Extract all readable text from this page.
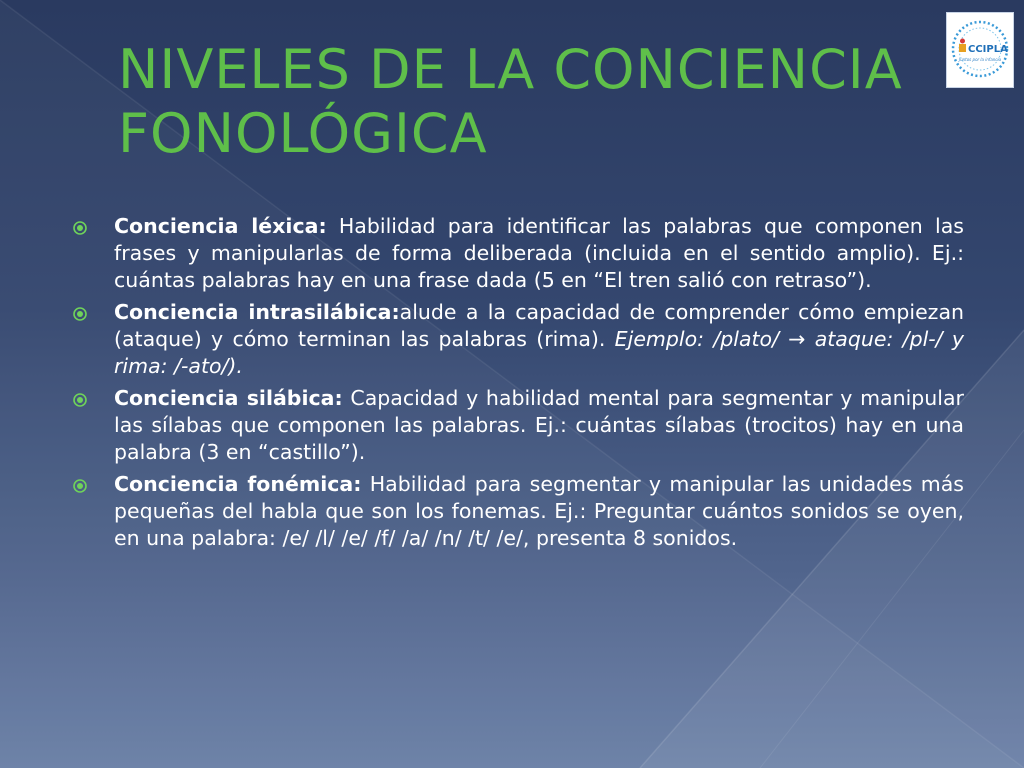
NIVELES DE LA CONCIENCIA
FONOLÓGICA
CCIPLA
Juntos por la infancia

Conciencia léxica: Habilidad para identificar las palabras que componen las frases y manipularlas de forma deliberada (incluida en el sentido amplio). Ej.: cuántas palabras hay en una frase dada (5 en “El tren salió con retraso”).

Conciencia intrasilábica:alude a la capacidad de comprender cómo empiezan (ataque) y cómo terminan las palabras (rima). Ejemplo: /plato/ → ataque: /pl-/ y rima: /-ato/).

Conciencia silábica: Capacidad y habilidad mental para segmentar y manipular las sílabas que componen las palabras. Ej.: cuántas sílabas (trocitos) hay en una palabra (3 en “castillo”).

Conciencia fonémica: Habilidad para segmentar y manipular las unidades más pequeñas del habla que son los fonemas. Ej.: Preguntar cuántos sonidos se oyen, en una palabra: /e/ /l/ /e/ /f/ /a/ /n/ /t/ /e/, presenta 8 sonidos.
